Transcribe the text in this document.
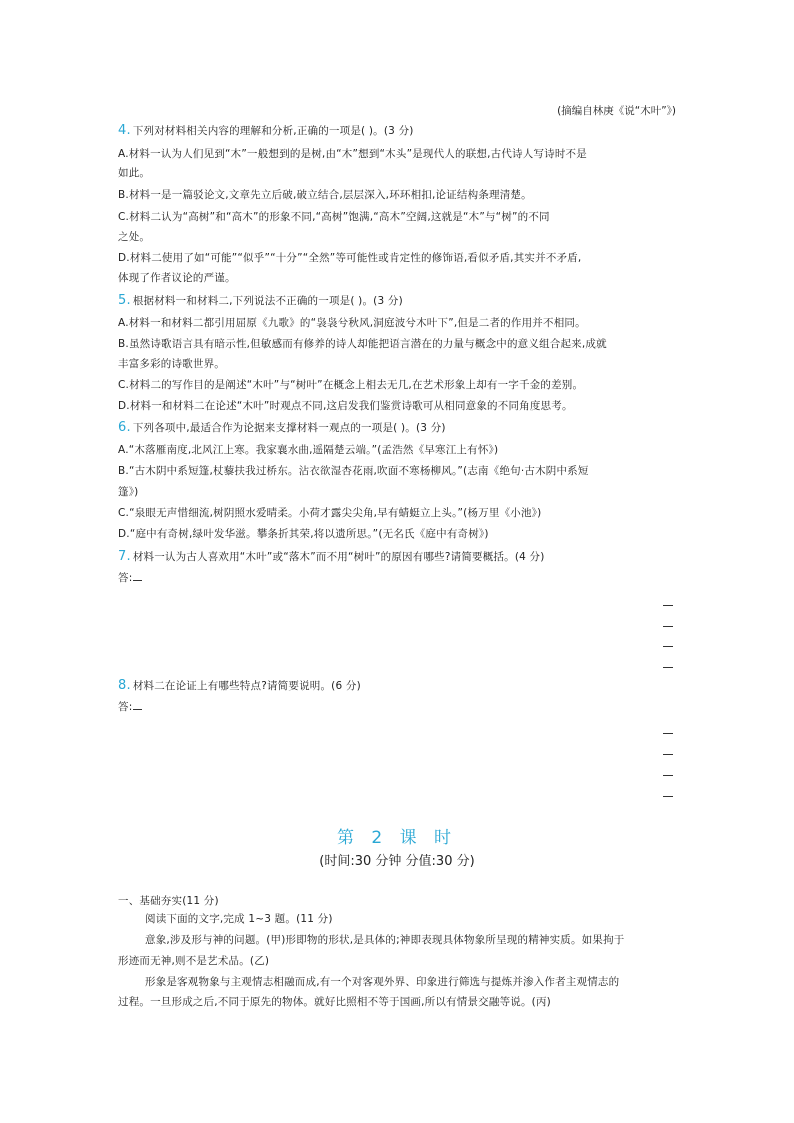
(摘编自林庚《说“木叶”》)
4. 下列对材料相关内容的理解和分析,正确的一项是( )。(3 分)
A.材料一认为人们见到“木”一般想到的是树,由“木”想到“木头”是现代人的联想,古代诗人写诗时不是
如此。
B.材料一是一篇驳论文,文章先立后破,破立结合,层层深入,环环相扣,论证结构条理清楚。
C.材料二认为“高树”和“高木”的形象不同,“高树”饱满,“高木”空阔,这就是“木”与“树”的不同
之处。
D.材料二使用了如“可能”“似乎”“十分”“全然”等可能性或肯定性的修饰语,看似矛盾,其实并不矛盾,
体现了作者议论的严谨。
5. 根据材料一和材料二,下列说法不正确的一项是( )。(3 分)
A.材料一和材料二都引用屈原《九歌》的“袅袅兮秋风,洞庭波兮木叶下”,但是二者的作用并不相同。
B.虽然诗歌语言具有暗示性,但敏感而有修养的诗人却能把语言潜在的力量与概念中的意义组合起来,成就
丰富多彩的诗歌世界。
C.材料二的写作目的是阐述“木叶”与“树叶”在概念上相去无几,在艺术形象上却有一字千金的差别。
D.材料一和材料二在论述“木叶”时观点不同,这启发我们鉴赏诗歌可从相同意象的不同角度思考。
6. 下列各项中,最适合作为论据来支撑材料一观点的一项是( )。(3 分)
A.“木落雁南度,北风江上寒。我家襄水曲,遥隔楚云端。”(孟浩然《早寒江上有怀》)
B.“古木阴中系短篷,杖藜扶我过桥东。沾衣欲湿杏花雨,吹面不寒杨柳风。”(志南《绝句·古木阴中系短
篷》)
C.“泉眼无声惜细流,树阴照水爱晴柔。小荷才露尖尖角,早有蜻蜓立上头。”(杨万里《小池》)
D.“庭中有奇树,绿叶发华滋。攀条折其荣,将以遗所思。”(无名氏《庭中有奇树》)
7. 材料一认为古人喜欢用“木叶”或“落木”而不用“树叶”的原因有哪些?请简要概括。(4 分)
答:
8. 材料二在论证上有哪些特点?请简要说明。(6 分)
答:
第 2 课 时
(时间:30 分钟 分值:30 分)
一、基础夯实(11 分)
阅读下面的文字,完成 1~3 题。(11 分)
意象,涉及形与神的问题。(甲)形即物的形状,是具体的;神即表现具体物象所呈现的精神实质。如果拘于
形迹而无神,则不是艺术品。(乙)
形象是客观物象与主观情志相融而成,有一个对客观外界、印象进行筛选与提炼并渗入作者主观情志的
过程。一旦形成之后,不同于原先的物体。就好比照相不等于国画,所以有情景交融等说。(丙)
